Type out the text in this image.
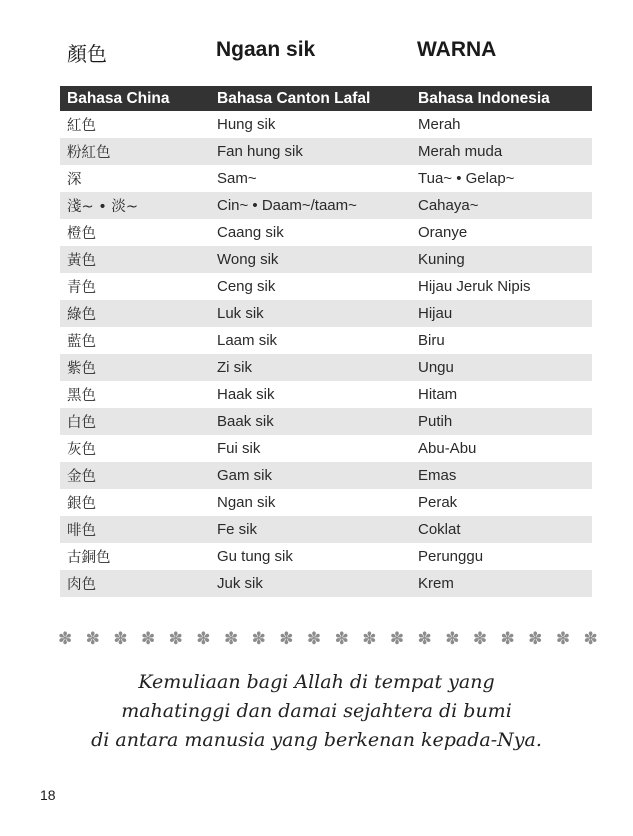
顏色	Ngaan sik	WARNA
Bahasa China	Bahasa Canton Lafal	Bahasa Indonesia
紅色	Hung sik	Merah
粉紅色	Fan hung sik	Merah muda
深	Sam~	Tua~ • Gelap~
淺~ • 淡~	Cin~ • Daam~/taam~	Cahaya~
橙色	Caang sik	Oranye
黃色	Wong sik	Kuning
青色	Ceng sik	Hijau Jeruk Nipis
綠色	Luk sik	Hijau
藍色	Laam sik	Biru
紫色	Zi sik	Ungu
黑色	Haak sik	Hitam
白色	Baak sik	Putih
灰色	Fui sik	Abu-Abu
金色	Gam sik	Emas
銀色	Ngan sik	Perak
啡色	Fe sik	Coklat
古銅色	Gu tung sik	Perunggu
肉色	Juk sik	Krem
✽ ✽ ✽ ✽ ✽ ✽ ✽ ✽ ✽ ✽ ✽ ✽ ✽ ✽ ✽ ✽ ✽ ✽ ✽ ✽
Kemuliaan bagi Allah di tempat yang
mahatinggi dan damai sejahtera di bumi
di antara manusia yang berkenan kepada-Nya.
18
